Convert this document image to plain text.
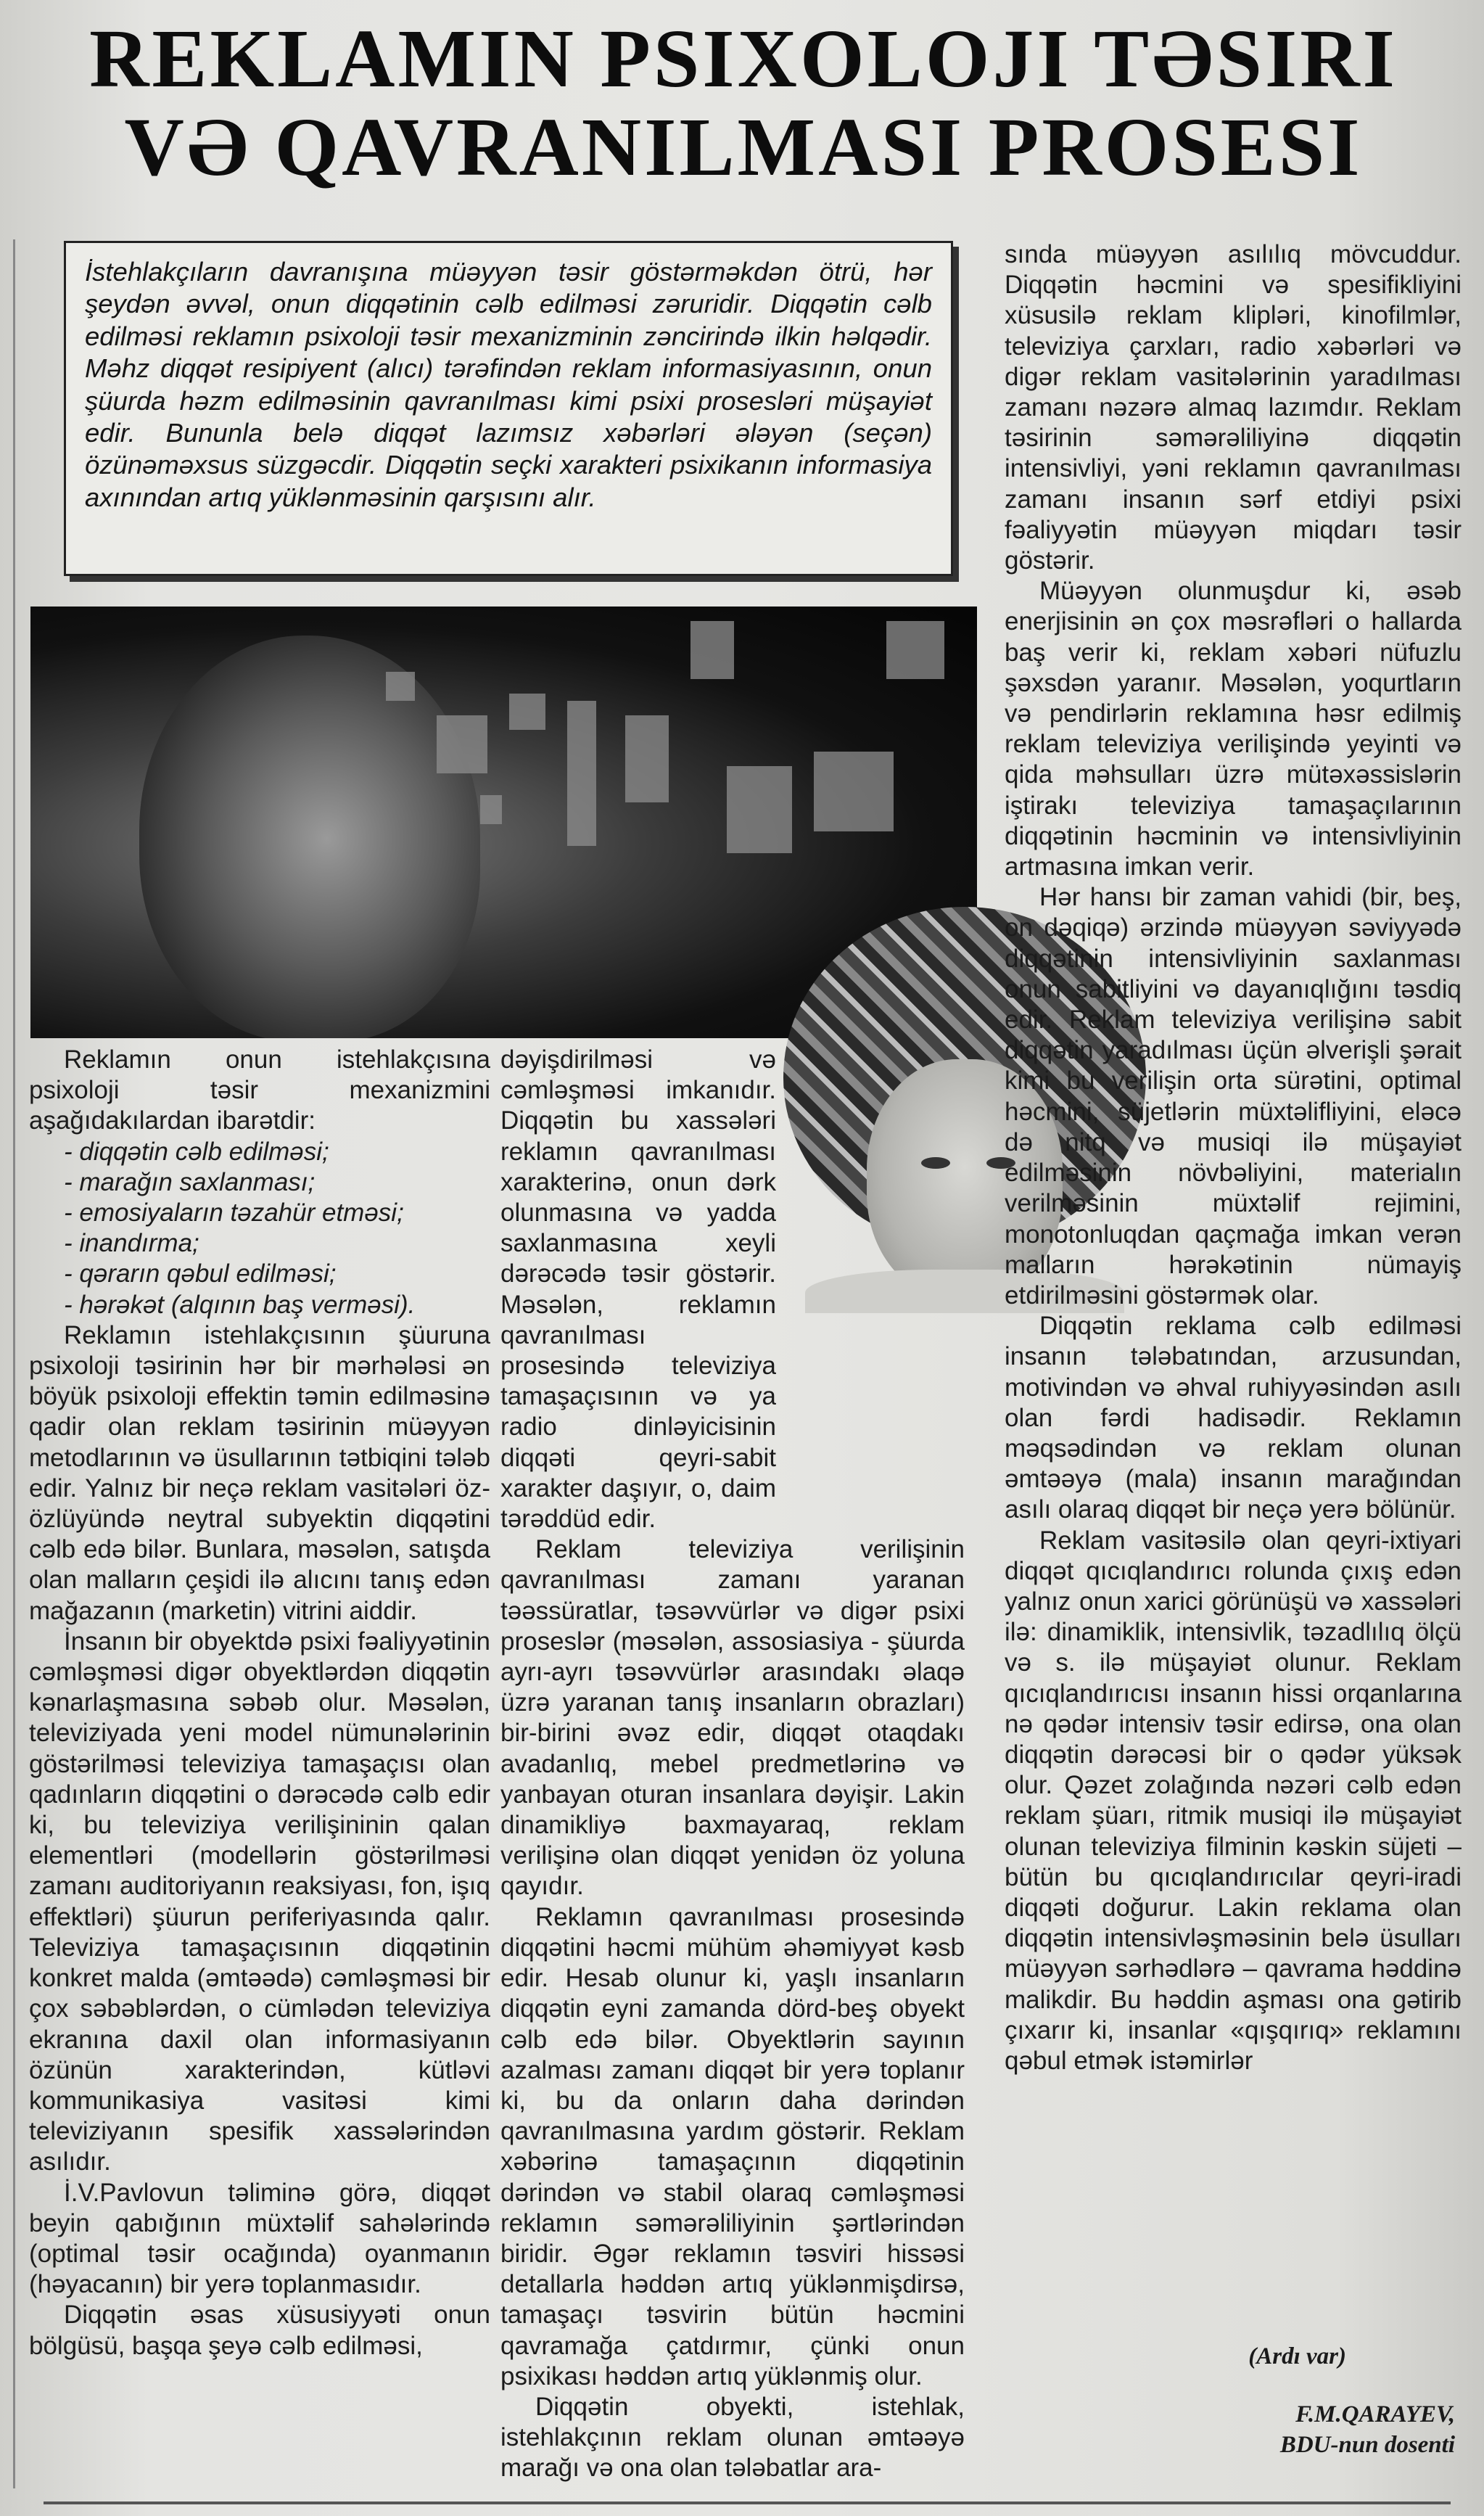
REKLAMIN PSIXOLOJI TƏSIRI
VƏ QAVRANILMASI PROSESI
İstehlakçıların davranışına müəyyən təsir göstərməkdən ötrü, hər şeydən əvvəl, onun diqqətinin cəlb edilməsi zəruridir. Diqqətin cəlb edilməsi reklamın psixoloji təsir mexanizminin zəncirində ilkin həlqədir. Məhz diqqət resipiyent (alıcı) tərəfindən reklam informasiyasının, onun şüurda həzm edilməsinin qavranılması kimi psixi prosesləri müşayiət edir. Bununla belə diqqət lazımsız xəbərləri ələyən (seçən) özünəməxsus süzgəcdir. Diqqətin seçki xarakteri psixikanın informasiya axınından artıq yüklənməsinin qarşısını alır.

Reklamın onun istehlakçısına psixoloji təsir mexanizmini aşağıdakılardan ibarətdir:

- diqqətin cəlb edilməsi;
- marağın saxlanması;
- emosiyaların təzahür etməsi;
- inandırma;
- qərarın qəbul edilməsi;
- hərəkət (alqının baş verməsi).

Reklamın istehlakçısının şüuruna psixoloji təsirinin hər bir mərhələsi ən böyük psixoloji effektin təmin edilməsinə qadir olan reklam təsirinin müəyyən metodlarının və üsullarının tətbiqini tələb edir. Yalnız bir neçə reklam vasitələri öz-özlüyündə neytral subyektin diqqətini cəlb edə bilər. Bunlara, məsələn, satışda olan malların çeşidi ilə alıcını tanış edən mağazanın (marketin) vitrini aiddir.

İnsanın bir obyektdə psixi fəaliyyətinin cəmləşməsi digər obyektlərdən diqqətin kənarlaşmasına səbəb olur. Məsələn, televiziyada yeni model nümunələrinin göstərilməsi televiziya tamaşaçısı olan qadınların diqqətini o dərəcədə cəlb edir ki, bu televiziya verilişininin qalan elementləri (modellərin göstərilməsi zamanı auditoriyanın reaksiyası, fon, işıq effektləri) şüurun periferiyasında qalır. Televiziya tamaşaçısının diqqətinin konkret malda (əmtəədə) cəmləşməsi bir çox səbəblərdən, o cümlədən televiziya ekranına daxil olan informasiyanın özünün xarakterindən, kütləvi kommunikasiya vasitəsi kimi televiziyanın spesifik xassələrindən asılıdır.

İ.V.Pavlovun təliminə görə, diqqət beyin qabığının müxtəlif sahələrində (optimal təsir ocağında) oyanmanın (həyacanın) bir yerə toplanmasıdır.

Diqqətin əsas xüsusiyyəti onun bölgüsü, başqa şeyə cəlb edilməsi,

dəyişdirilməsi və cəmləşməsi imkanıdır. Diqqətin bu xassələri reklamın qavranılması xarakterinə, onun dərk olunmasına və yadda saxlanmasına xeyli dərəcədə təsir göstərir. Məsələn, reklamın qavranılması prosesində televiziya tamaşaçısının və ya radio dinləyicisinin diqqəti qeyri-sabit xarakter daşıyır, o, daim tərəddüd edir.

Reklam televiziya verilişinin qavranılması zamanı yaranan təəssüratlar, təsəvvürlər və digər psixi proseslər (məsələn, assosiasiya - şüurda ayrı-ayrı təsəvvürlər arasındakı əlaqə üzrə yaranan tanış insanların obrazları) bir-birini əvəz edir, diqqət otaqdakı avadanlıq, mebel predmetlərinə və yanbayan oturan insanlara dəyişir. Lakin dinamikliyə baxmayaraq, reklam verilişinə olan diqqət yenidən öz yoluna qayıdır.

Reklamın qavranılması prosesində diqqətini həcmi mühüm əhəmiyyət kəsb edir. Hesab olunur ki, yaşlı insanların diqqətin eyni zamanda dörd-beş obyekt cəlb edə bilər. Obyektlərin sayının azalması zamanı diqqət bir yerə toplanır ki, bu da onların daha dərindən qavranılmasına yardım göstərir. Reklam xəbərinə tamaşaçının diqqətinin dərindən və stabil olaraq cəmləşməsi reklamın səmərəliliyinin şərtlərindən biridir. Əgər reklamın təsviri hissəsi detallarla həddən artıq yüklənmişdirsə, tamaşaçı təsvirin bütün həcmini qavramağa çatdırmır, çünki onun psixikası həddən artıq yüklənmiş olur.

Diqqətin obyekti, istehlak, istehlakçının reklam olunan əmtəəyə marağı və ona olan tələbatlar ara-

sında müəyyən asılılıq mövcuddur. Diqqətin həcmini və spesifikliyini xüsusilə reklam klipləri, kinofilmlər, televiziya çarxları, radio xəbərləri və digər reklam vasitələrinin yaradılması zamanı nəzərə almaq lazımdır. Reklam təsirinin səmərəliliyinə diqqətin intensivliyi, yəni reklamın qavranılması zamanı insanın sərf etdiyi psixi fəaliyyətin müəyyən miqdarı təsir göstərir.

Müəyyən olunmuşdur ki, əsəb enerjisinin ən çox məsrəfləri o hallarda baş verir ki, reklam xəbəri nüfuzlu şəxsdən yaranır. Məsələn, yoqurtların və pendirlərin reklamına həsr edilmiş reklam televiziya verilişində yeyinti və qida məhsulları üzrə mütəxəssislərin iştirakı televiziya tamaşaçılarının diqqətinin həcminin və intensivliyinin artmasına imkan verir.

Hər hansı bir zaman vahidi (bir, beş, on dəqiqə) ərzində müəyyən səviyyədə diqqətinin intensivliyinin saxlanması onun sabitliyini və dayanıqlığını təsdiq edir. Reklam televiziya verilişinə sabit diqqətin yaradılması üçün əlverişli şərait kimi bu verilişin orta sürətini, optimal həcmini, süjetlərin müxtəlifliyini, eləcə də nitq və musiqi ilə müşayiət edilməsinin növbəliyini, materialın verilməsinin müxtəlif rejimini, monotonluqdan qaçmağa imkan verən malların hərəkətinin nümayiş etdirilməsini göstərmək olar.

Diqqətin reklama cəlb edilməsi insanın tələbatından, arzusundan, motivindən və əhval ruhiyyəsindən asılı olan fərdi hadisədir. Reklamın məqsədindən və reklam olunan əmtəəyə (mala) insanın marağından asılı olaraq diqqət bir neçə yerə bölünür.

Reklam vasitəsilə olan qeyri-ixtiyari diqqət qıcıqlandırıcı rolunda çıxış edən yalnız onun xarici görünüşü və xassələri ilə: dinamiklik, intensivlik, təzadlılıq ölçü və s. ilə müşayiət olunur. Reklam qıcıqlandırıcısı insanın hissi orqanlarına nə qədər intensiv təsir edirsə, ona olan diqqətin dərəcəsi bir o qədər yüksək olur. Qəzet zolağında nəzəri cəlb edən reklam şüarı, ritmik musiqi ilə müşayiət olunan televiziya filminin kəskin süjeti – bütün bu qıcıqlandırıcılar qeyri-iradi diqqəti doğurur. Lakin reklama olan diqqətin intensivləşməsinin belə üsulları müəyyən sərhədlərə – qavrama həddinə malikdir. Bu həddin aşması ona gətirib çıxarır ki, insanlar «qışqırıq» reklamını qəbul etmək istəmirlər

(Ardı var)
F.M.QARAYEV,
BDU-nun dosenti
